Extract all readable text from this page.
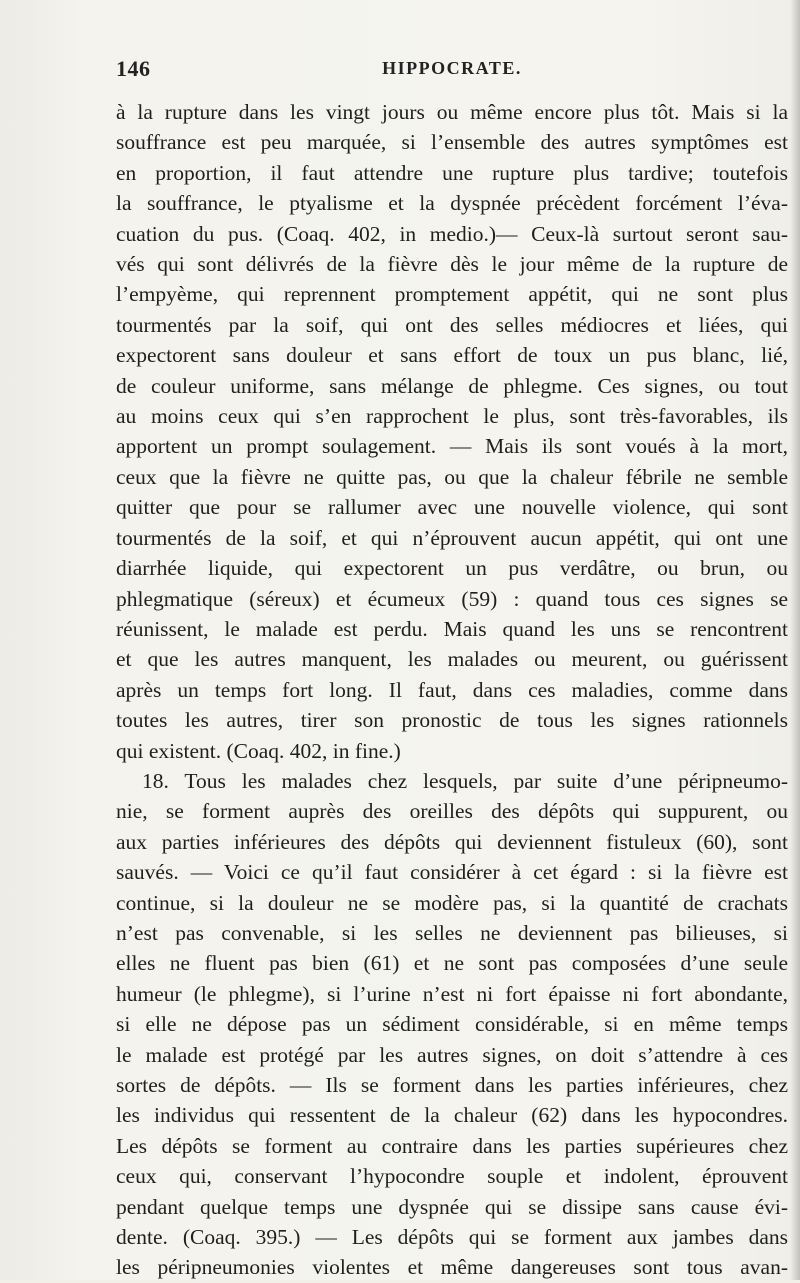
146	HIPPOCRATE.
à la rupture dans les vingt jours ou même encore plus tôt. Mais si la
souffrance est peu marquée, si l’ensemble des autres symptômes est
en proportion, il faut attendre une rupture plus tardive; toutefois
la souffrance, le ptyalisme et la dyspnée précèdent forcément l’éva-
cuation du pus. (Coaq. 402, in medio.)— Ceux-là surtout seront sau-
vés qui sont délivrés de la fièvre dès le jour même de la rupture de
l’empyème, qui reprennent promptement appétit, qui ne sont plus
tourmentés par la soif, qui ont des selles médiocres et liées, qui
expectorent sans douleur et sans effort de toux un pus blanc, lié,
de couleur uniforme, sans mélange de phlegme. Ces signes, ou tout
au moins ceux qui s’en rapprochent le plus, sont très-favorables, ils
apportent un prompt soulagement. — Mais ils sont voués à la mort,
ceux que la fièvre ne quitte pas, ou que la chaleur fébrile ne semble
quitter que pour se rallumer avec une nouvelle violence, qui sont
tourmentés de la soif, et qui n’éprouvent aucun appétit, qui ont une
diarrhée liquide, qui expectorent un pus verdâtre, ou brun, ou
phlegmatique (séreux) et écumeux (59) : quand tous ces signes se
réunissent, le malade est perdu. Mais quand les uns se rencontrent
et que les autres manquent, les malades ou meurent, ou guérissent
après un temps fort long. Il faut, dans ces maladies, comme dans
toutes les autres, tirer son pronostic de tous les signes rationnels
qui existent. (Coaq. 402, in fine.)
18. Tous les malades chez lesquels, par suite d’une péripneumo-
nie, se forment auprès des oreilles des dépôts qui suppurent, ou
aux parties inférieures des dépôts qui deviennent fistuleux (60), sont
sauvés. — Voici ce qu’il faut considérer à cet égard : si la fièvre est
continue, si la douleur ne se modère pas, si la quantité de crachats
n’est pas convenable, si les selles ne deviennent pas bilieuses, si
elles ne fluent pas bien (61) et ne sont pas composées d’une seule
humeur (le phlegme), si l’urine n’est ni fort épaisse ni fort abondante,
si elle ne dépose pas un sédiment considérable, si en même temps
le malade est protégé par les autres signes, on doit s’attendre à ces
sortes de dépôts. — Ils se forment dans les parties inférieures, chez
les individus qui ressentent de la chaleur (62) dans les hypocondres.
Les dépôts se forment au contraire dans les parties supérieures chez
ceux qui, conservant l’hypocondre souple et indolent, éprouvent
pendant quelque temps une dyspnée qui se dissipe sans cause évi-
dente. (Coaq. 395.) — Les dépôts qui se forment aux jambes dans
les péripneumonies violentes et même dangereuses sont tous avan-
